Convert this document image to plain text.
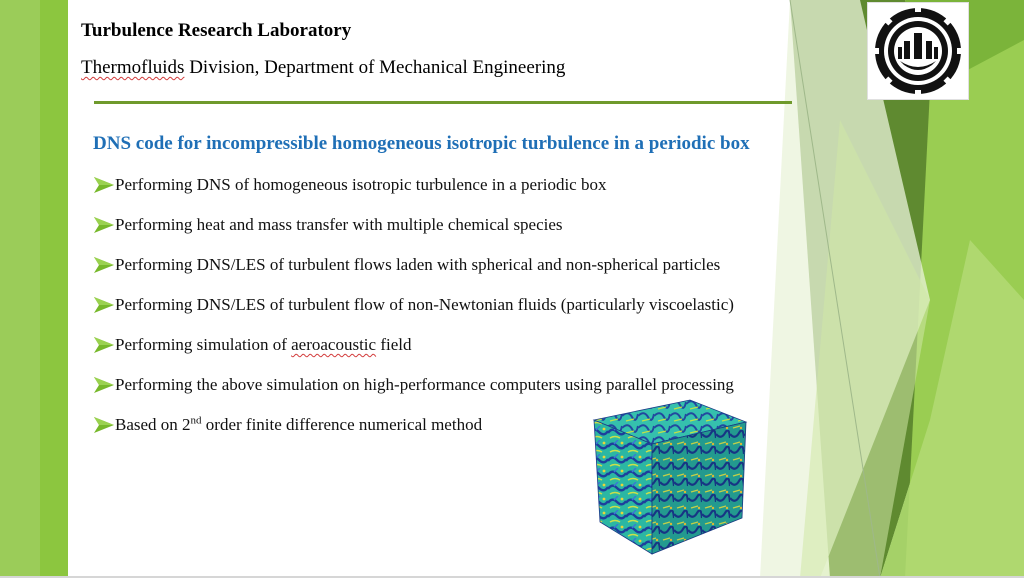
Turbulence Research Laboratory
Thermofluids Division, Department of Mechanical Engineering
DNS code for incompressible homogeneous isotropic turbulence in a periodic box
Performing DNS of homogeneous isotropic turbulence in a periodic box
Performing heat and mass transfer with multiple chemical species
Performing DNS/LES of turbulent flows laden with spherical and non-spherical particles
Performing DNS/LES of turbulent flow of non-Newtonian fluids (particularly viscoelastic)
Performing simulation of aeroacoustic field
Performing the above simulation on high-performance computers using parallel processing
Based on 2nd order finite difference numerical method
